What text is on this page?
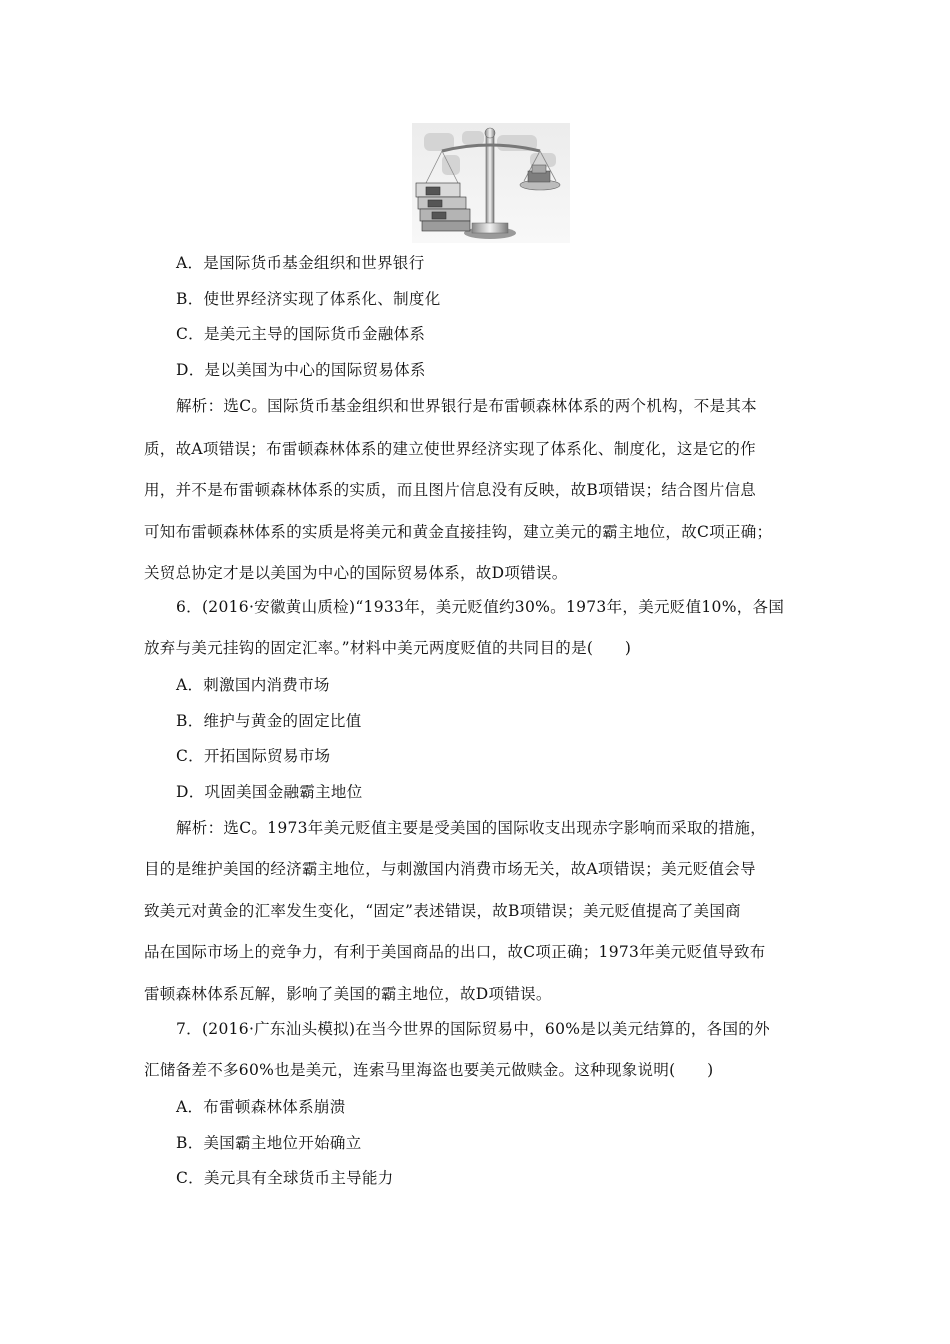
A．是国际货币基金组织和世界银行
B．使世界经济实现了体系化、制度化
C．是美元主导的国际货币金融体系
D．是以美国为中心的国际贸易体系
解析：选C。国际货币基金组织和世界银行是布雷顿森林体系的两个机构，不是其本
质，故A项错误；布雷顿森林体系的建立使世界经济实现了体系化、制度化，这是它的作
用，并不是布雷顿森林体系的实质，而且图片信息没有反映，故B项错误；结合图片信息
可知布雷顿森林体系的实质是将美元和黄金直接挂钩，建立美元的霸主地位，故C项正确；
关贸总协定才是以美国为中心的国际贸易体系，故D项错误。
6．(2016·安徽黄山质检)“1933年，美元贬值约30%。1973年，美元贬值10%，各国
放弃与美元挂钩的固定汇率。”材料中美元两度贬值的共同目的是(　　)
A．刺激国内消费市场
B．维护与黄金的固定比值
C．开拓国际贸易市场
D．巩固美国金融霸主地位
解析：选C。1973年美元贬值主要是受美国的国际收支出现赤字影响而采取的措施，
目的是维护美国的经济霸主地位，与刺激国内消费市场无关，故A项错误；美元贬值会导
致美元对黄金的汇率发生变化，“固定”表述错误，故B项错误；美元贬值提高了美国商
品在国际市场上的竞争力，有利于美国商品的出口，故C项正确；1973年美元贬值导致布
雷顿森林体系瓦解，影响了美国的霸主地位，故D项错误。
7．(2016·广东汕头模拟)在当今世界的国际贸易中，60%是以美元结算的，各国的外
汇储备差不多60%也是美元，连索马里海盗也要美元做赎金。这种现象说明(　　)
A．布雷顿森林体系崩溃
B．美国霸主地位开始确立
C．美元具有全球货币主导能力
